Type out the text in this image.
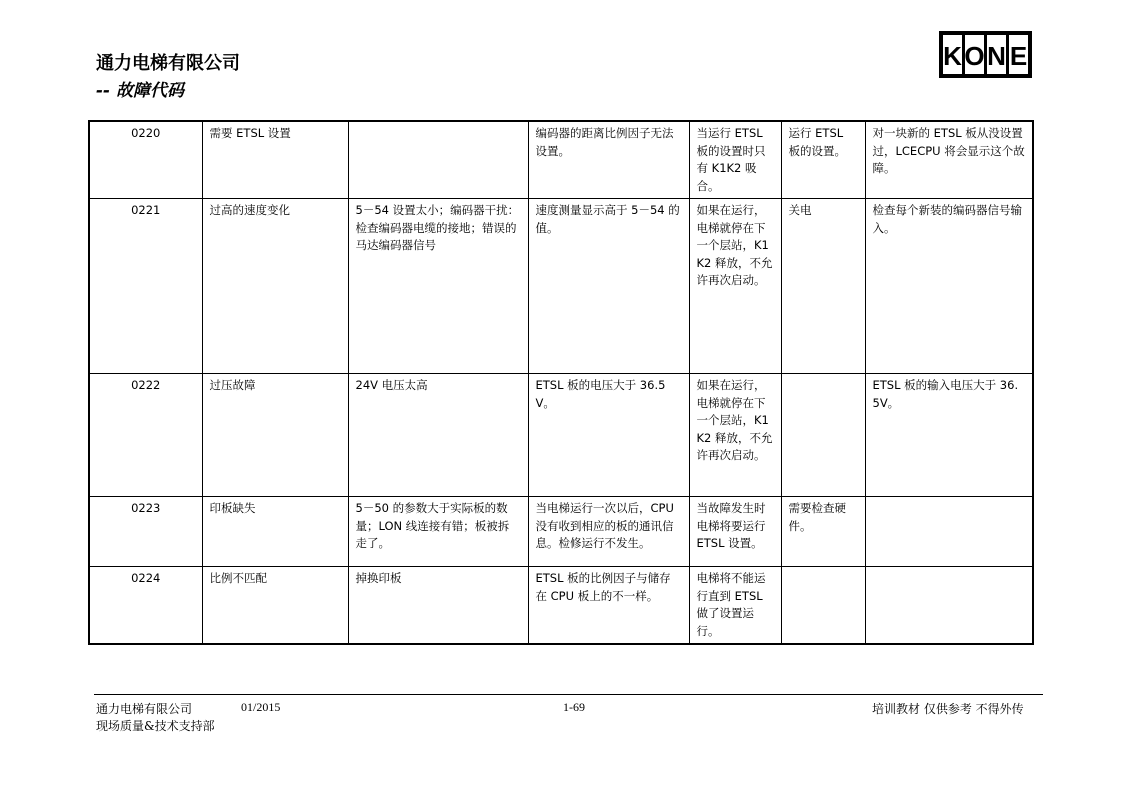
通力电梯有限公司
-- 故障代码
K O N E
0220	需要 ETSL 设置		编码器的距离比例因子无法设置。	当运行 ETSL 板的设置时只有 K1K2 吸合。	运行 ETSL 板的设置。	对一块新的 ETSL 板从没设置过，LCECPU 将会显示这个故障。
0221	过高的速度变化	5－54 设置太小；编码器干扰：检查编码器电缆的接地；错误的马达编码器信号	速度测量显示高于 5－54 的值。	如果在运行，电梯就停在下一个层站，K1K2 释放，不允许再次启动。	关电	检查每个新装的编码器信号输入。
0222	过压故障	24V 电压太高	ETSL 板的电压大于 36.5V。	如果在运行，电梯就停在下一个层站，K1K2 释放，不允许再次启动。		ETSL 板的输入电压大于 36.5V。
0223	印板缺失	5－50 的参数大于实际板的数量；LON 线连接有错；板被拆走了。	当电梯运行一次以后，CPU 没有收到相应的板的通讯信息。检修运行不发生。	当故障发生时电梯将要运行 ETSL 设置。	需要检查硬件。	
0224	比例不匹配	掉换印板	ETSL 板的比例因子与储存在 CPU 板上的不一样。	电梯将不能运行直到 ETSL 做了设置运行。		
通力电梯有限公司	01/2015	1-69	培训教材 仅供参考 不得外传
现场质量&技术支持部
